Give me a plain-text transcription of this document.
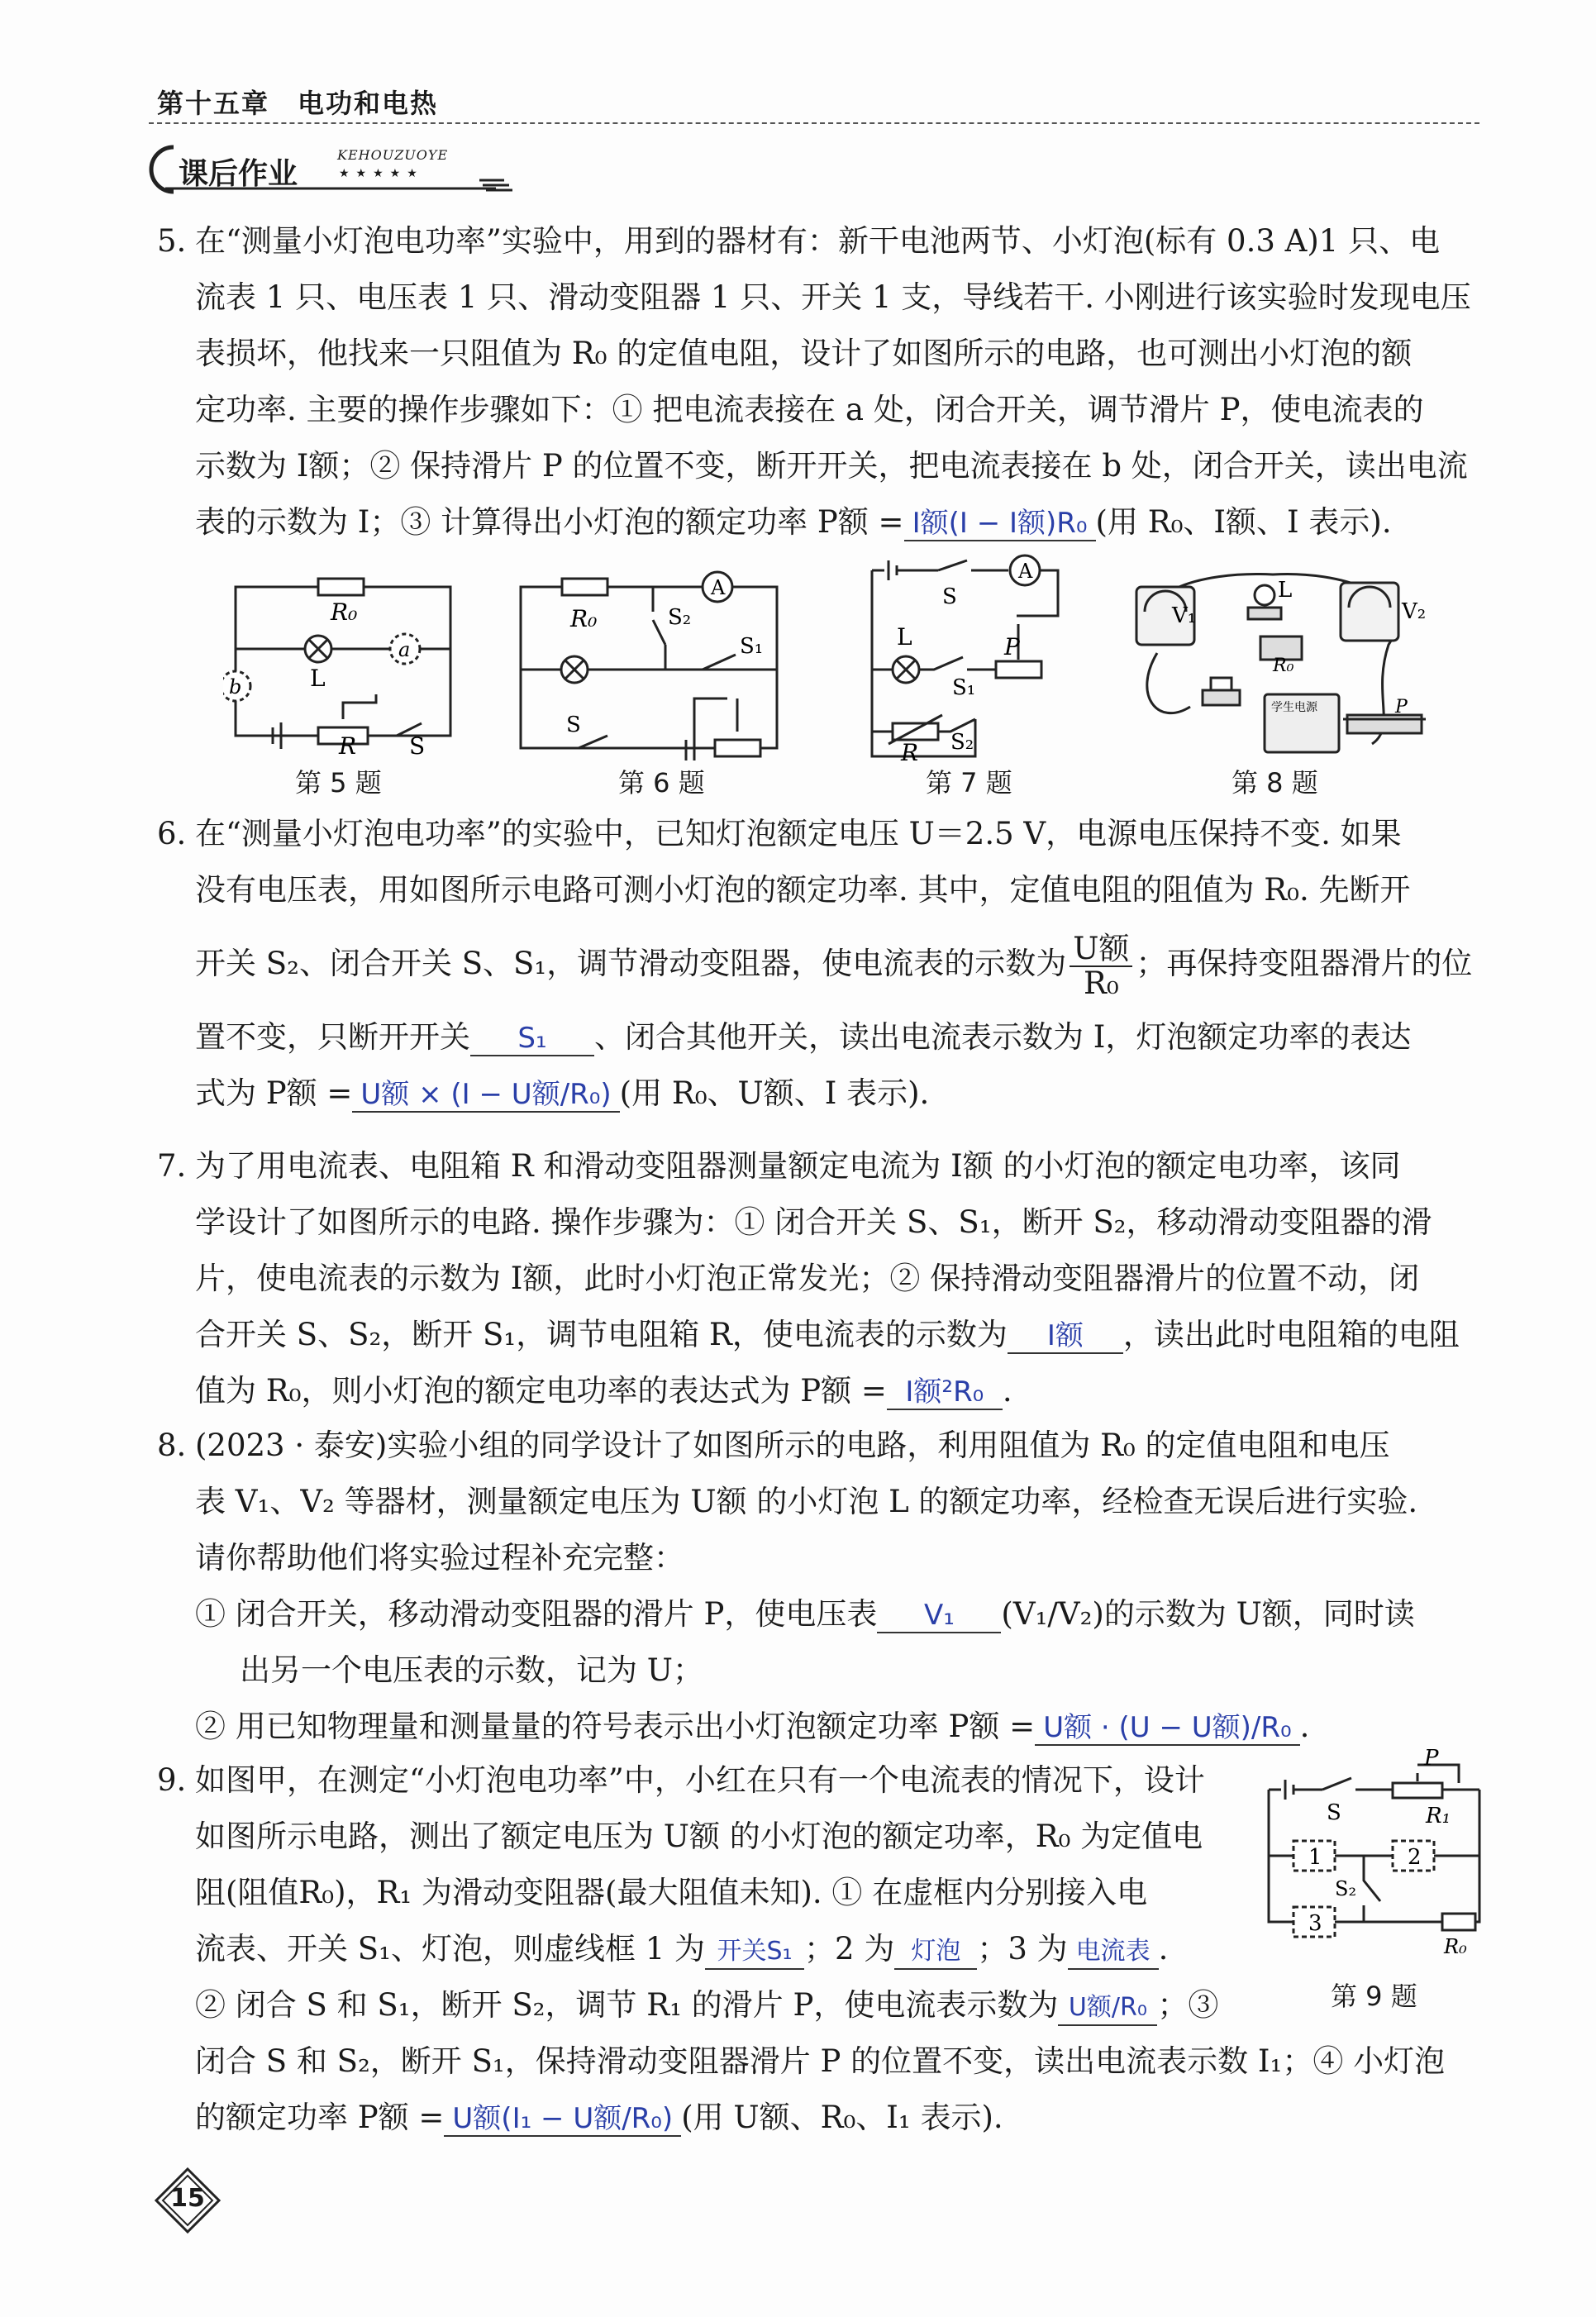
第十五章 电功和电热
课后作业
KEHOUZUOYE
★★★★★
5. 在“测量小灯泡电功率”实验中，用到的器材有：新干电池两节、小灯泡(标有 0.3 A)1 只、电
流表 1 只、电压表 1 只、滑动变阻器 1 只、开关 1 支，导线若干. 小刚进行该实验时发现电压
表损坏，他找来一只阻值为 R₀ 的定值电阻，设计了如图所示的电路，也可测出小灯泡的额
定功率. 主要的操作步骤如下：① 把电流表接在 a 处，闭合开关，调节滑片 P，使电流表的
示数为 I额；② 保持滑片 P 的位置不变，断开开关，把电流表接在 b 处，闭合开关，读出电流
表的示数为 I；③ 计算得出小灯泡的额定功率 P额 = I额(I − I额)R₀ (用 R₀、I额、I 表示).
R₀
a
b	L
R S
第 5 题
A
R₀	S₂
S₁
S
第 6 题
A
S
L	P
S₁
S₂
R
第 7 题
V₁
L
V₂
R₀
P
学生电源
第 8 题
6. 在“测量小灯泡电功率”的实验中，已知灯泡额定电压 U＝2.5 V，电源电压保持不变. 如果
没有电压表，用如图所示电路可测小灯泡的额定功率. 其中，定值电阻的阻值为 R₀. 先断开
开关 S₂、闭合开关 S、S₁，调节滑动变阻器，使电流表的示数为 U额
R₀
；再保持变阻器滑片的位
置不变，只断开开关 S₁ 、闭合其他开关，读出电流表示数为 I，灯泡额定功率的表达
式为 P额 = U额 × (I − U额/R₀) (用 R₀、U额、I 表示).
7. 为了用电流表、电阻箱 R 和滑动变阻器测量额定电流为 I额 的小灯泡的额定电功率，该同
学设计了如图所示的电路. 操作步骤为：① 闭合开关 S、S₁，断开 S₂，移动滑动变阻器的滑
片，使电流表的示数为 I额，此时小灯泡正常发光；② 保持滑动变阻器滑片的位置不动，闭
合开关 S、S₂，断开 S₁，调节电阻箱 R，使电流表的示数为 I额 ，读出此时电阻箱的电阻
值为 R₀，则小灯泡的额定电功率的表达式为 P额 = I额²R₀ .
8. (2023 · 泰安)实验小组的同学设计了如图所示的电路，利用阻值为 R₀ 的定值电阻和电压
表 V₁、V₂ 等器材，测量额定电压为 U额 的小灯泡 L 的额定功率，经检查无误后进行实验.
请你帮助他们将实验过程补充完整：
① 闭合开关，移动滑动变阻器的滑片 P，使电压表 V₁ (V₁/V₂)的示数为 U额，同时读
出另一个电压表的示数，记为 U；
② 用已知物理量和测量量的符号表示出小灯泡额定功率 P额 = U额 · (U − U额)/R₀ .
9. 如图甲，在测定“小灯泡电功率”中，小红在只有一个电流表的情况下，设计
如图所示电路，测出了额定电压为 U额 的小灯泡的额定功率，R₀ 为定值电
阻(阻值R₀)，R₁ 为滑动变阻器(最大阻值未知). ① 在虚框内分别接入电
流表、开关 S₁、灯泡，则虚线框 1 为 开关S₁ ；2 为 灯泡 ；3 为 电流表 .
② 闭合 S 和 S₁，断开 S₂，调节 R₁ 的滑片 P，使电流表示数为 U额/R₀ ；③
闭合 S 和 S₂，断开 S₁，保持滑动变阻器滑片 P 的位置不变，读出电流表示数 I₁；④ 小灯泡
的额定功率 P额 = U额(I₁ − U额/R₀) (用 U额、R₀、I₁ 表示).
P
S	R₁
1	2
S₂
3
R₀
第 9 题
15
